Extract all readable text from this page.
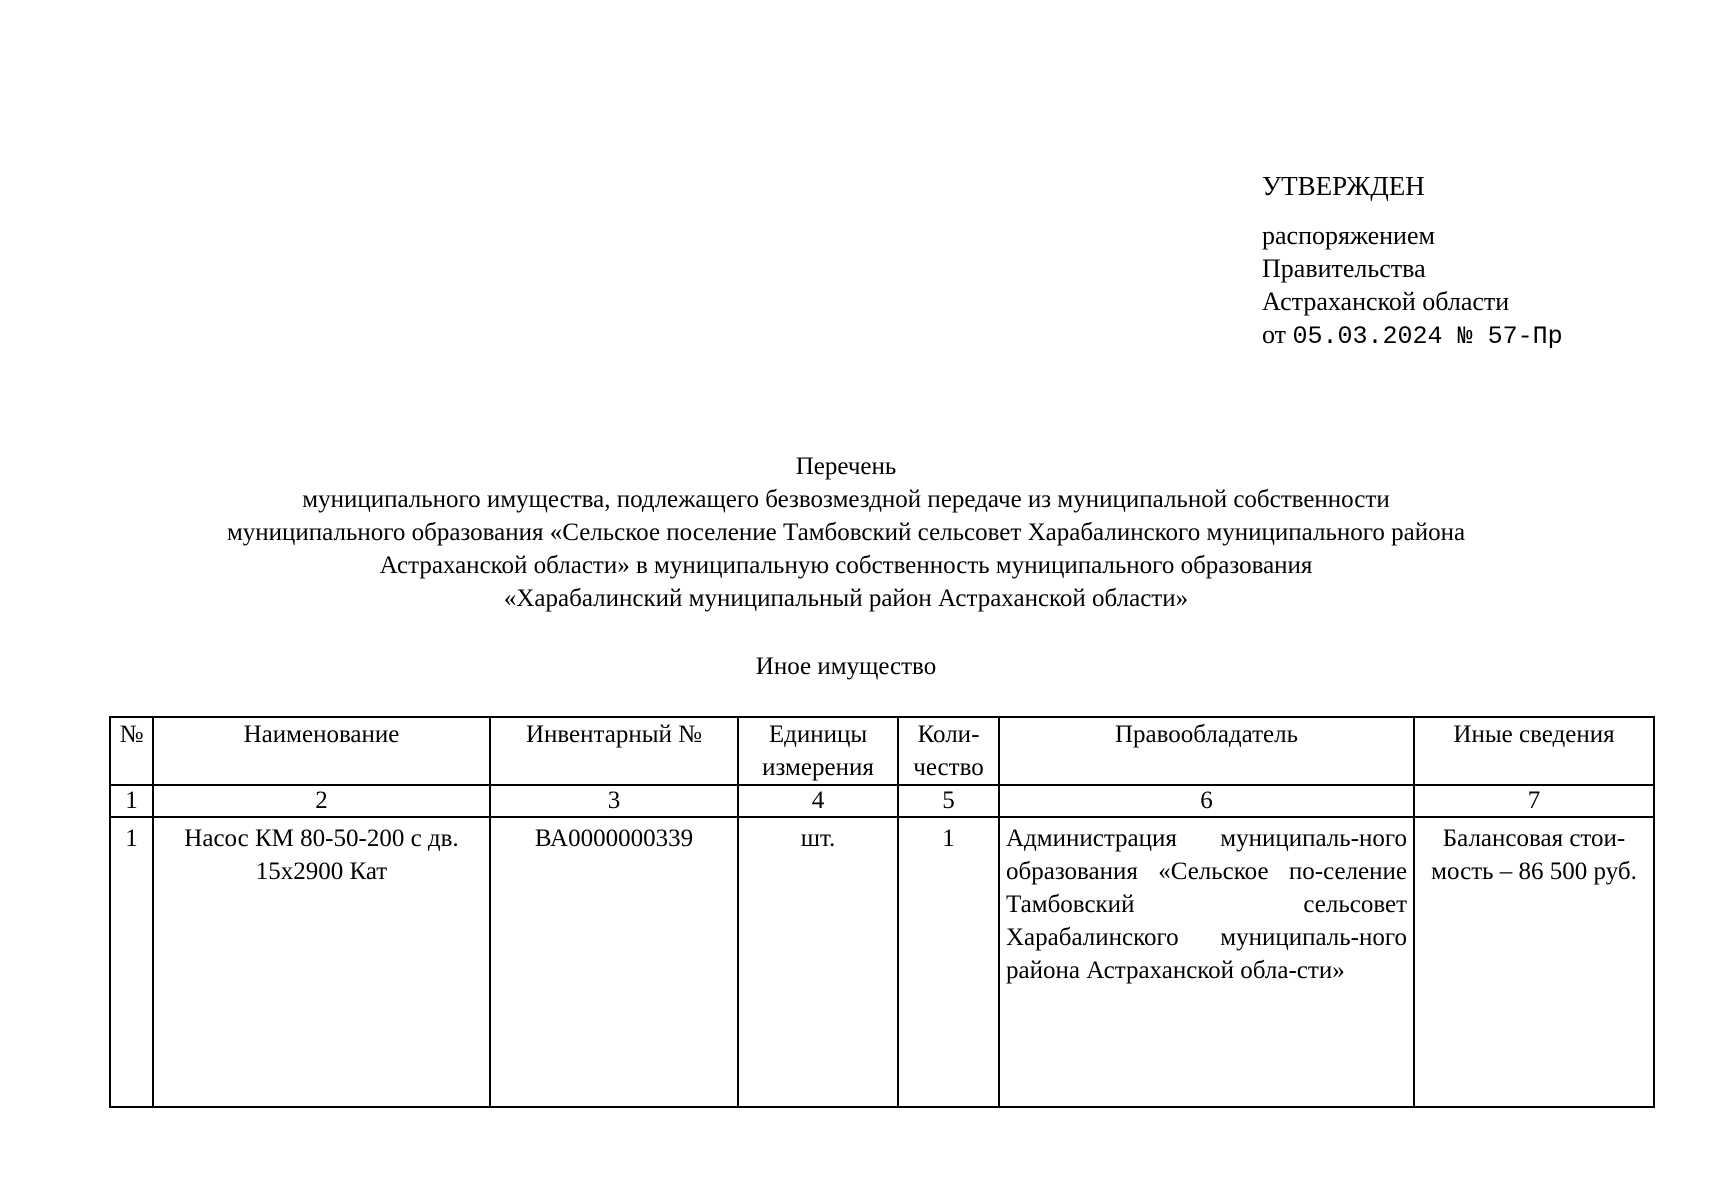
УТВЕРЖДЕН
распоряжением
Правительства
Астраханской области
от 05.03.2024 № 57-Пр
Перечень
муниципального имущества, подлежащего безвозмездной передаче из муниципальной собственности
муниципального образования «Сельское поселение Тамбовский сельсовет Харабалинского муниципального района
Астраханской области» в муниципальную собственность муниципального образования
«Харабалинский муниципальный район Астраханской области»
Иное имущество
№	Наименование	Инвентарный №	Единицы измерения	Коли-чество	Правообладатель	Иные сведения
1	2	3	4	5	6	7
1	Насос КМ 80-50-200 с дв. 15х2900 Кат	ВА0000000339	шт.	1	Администрация муниципаль-ного образования «Сельское по-селение Тамбовский сельсовет Харабалинского муниципаль-ного района Астраханской обла-сти»	Балансовая стои-мость – 86 500 руб.
